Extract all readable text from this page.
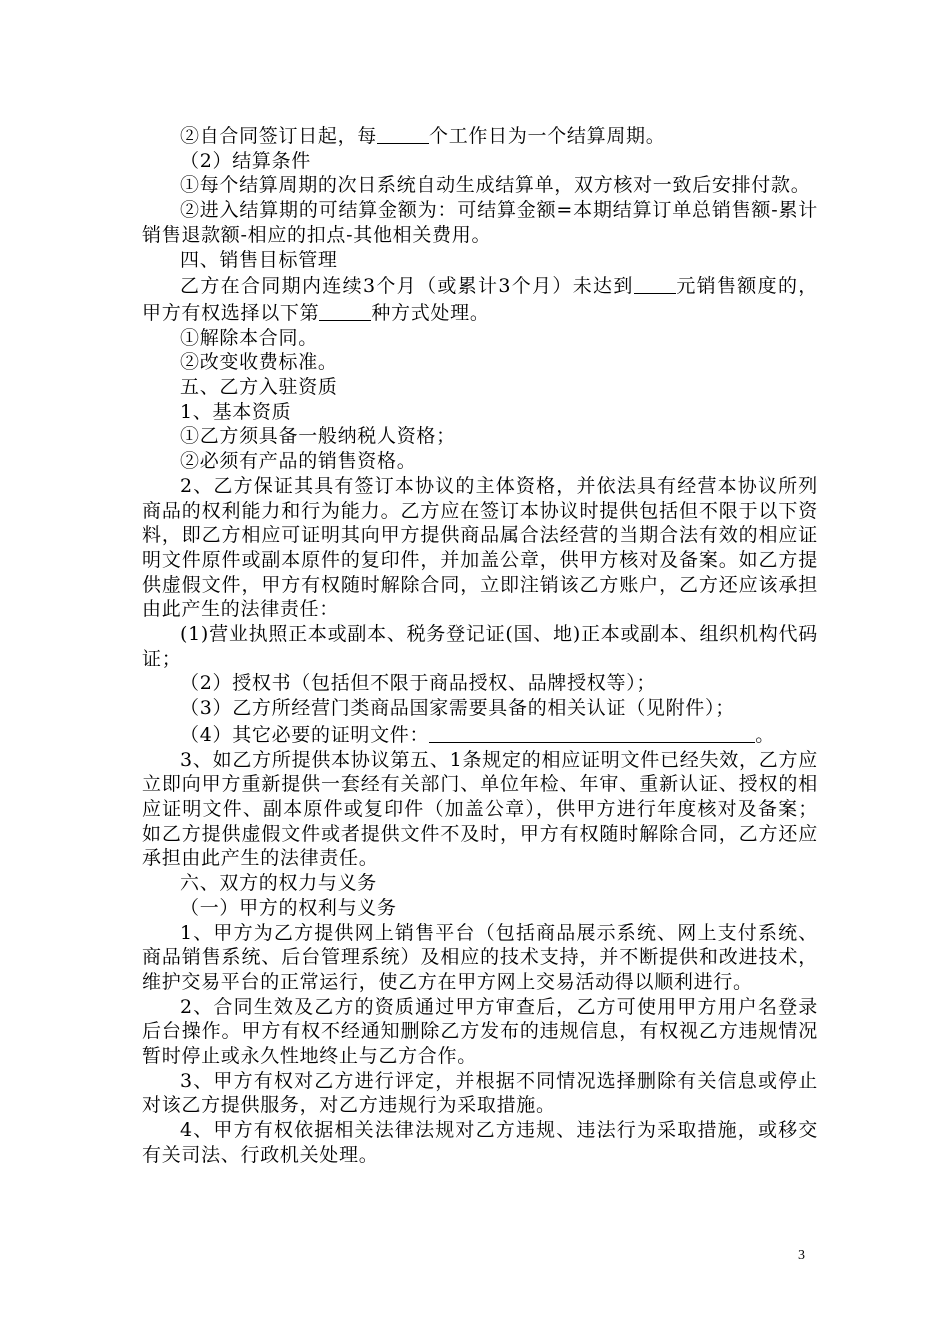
②自合同签订日起，每	个工作日为一个结算周期。
（2）结算条件
①每个结算周期的次日系统自动生成结算单，双方核对一致后安排付款。
②进入结算期的可结算金额为：可结算金额=本期结算订单总销售额-累计销售退款额-相应的扣点-其他相关费用。
四、销售目标管理
乙方在合同期内连续3个月（或累计3个月）未达到 元销售额度的，甲方有权选择以下第	种方式处理。
①解除本合同。
②改变收费标准。
五、乙方入驻资质
1、基本资质
①乙方须具备一般纳税人资格；
②必须有产品的销售资格。
2、乙方保证其具有签订本协议的主体资格，并依法具有经营本协议所列商品的权利能力和行为能力。乙方应在签订本协议时提供包括但不限于以下资料，即乙方相应可证明其向甲方提供商品属合法经营的当期合法有效的相应证明文件原件或副本原件的复印件，并加盖公章，供甲方核对及备案。如乙方提供虚假文件，甲方有权随时解除合同，立即注销该乙方账户，乙方还应该承担由此产生的法律责任：
(1)营业执照正本或副本、税务登记证(国、地)正本或副本、组织机构代码证；
（2）授权书（包括但不限于商品授权、品牌授权等）；
（3）乙方所经营门类商品国家需要具备的相关认证（见附件）；
（4）其它必要的证明文件：	。
3、如乙方所提供本协议第五、1条规定的相应证明文件已经失效，乙方应立即向甲方重新提供一套经有关部门、单位年检、年审、重新认证、授权的相应证明文件、副本原件或复印件（加盖公章），供甲方进行年度核对及备案；如乙方提供虚假文件或者提供文件不及时，甲方有权随时解除合同，乙方还应承担由此产生的法律责任。
六、双方的权力与义务
（一）甲方的权利与义务
1、甲方为乙方提供网上销售平台（包括商品展示系统、网上支付系统、商品销售系统、后台管理系统）及相应的技术支持，并不断提供和改进技术，维护交易平台的正常运行，使乙方在甲方网上交易活动得以顺利进行。
2、合同生效及乙方的资质通过甲方审查后，乙方可使用甲方用户名登录后台操作。甲方有权不经通知删除乙方发布的违规信息，有权视乙方违规情况暂时停止或永久性地终止与乙方合作。
3、甲方有权对乙方进行评定，并根据不同情况选择删除有关信息或停止对该乙方提供服务，对乙方违规行为采取措施。
4、甲方有权依据相关法律法规对乙方违规、违法行为采取措施，或移交有关司法、行政机关处理。
3
